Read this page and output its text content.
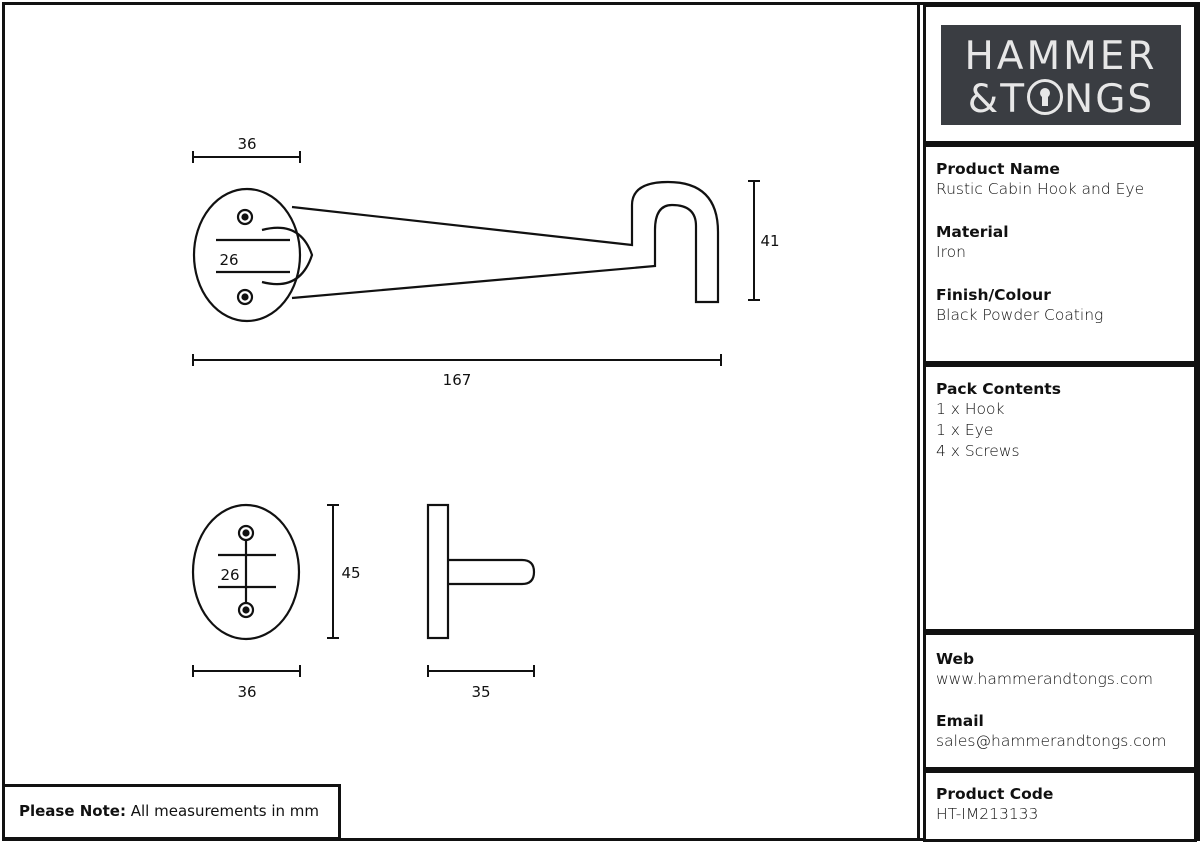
36
26
41
167
26	45
36	35
Please Note: All measurements in mm
HAMMER
&T NGS
Product Name
Rustic Cabin Hook and Eye
Material
Iron
Finish/Colour
Black Powder Coating
Pack Contents
1 x Hook
1 x Eye
4 x Screws
Web
www.hammerandtongs.com
Email
sales@hammerandtongs.com
Product Code
HT-IM213133
